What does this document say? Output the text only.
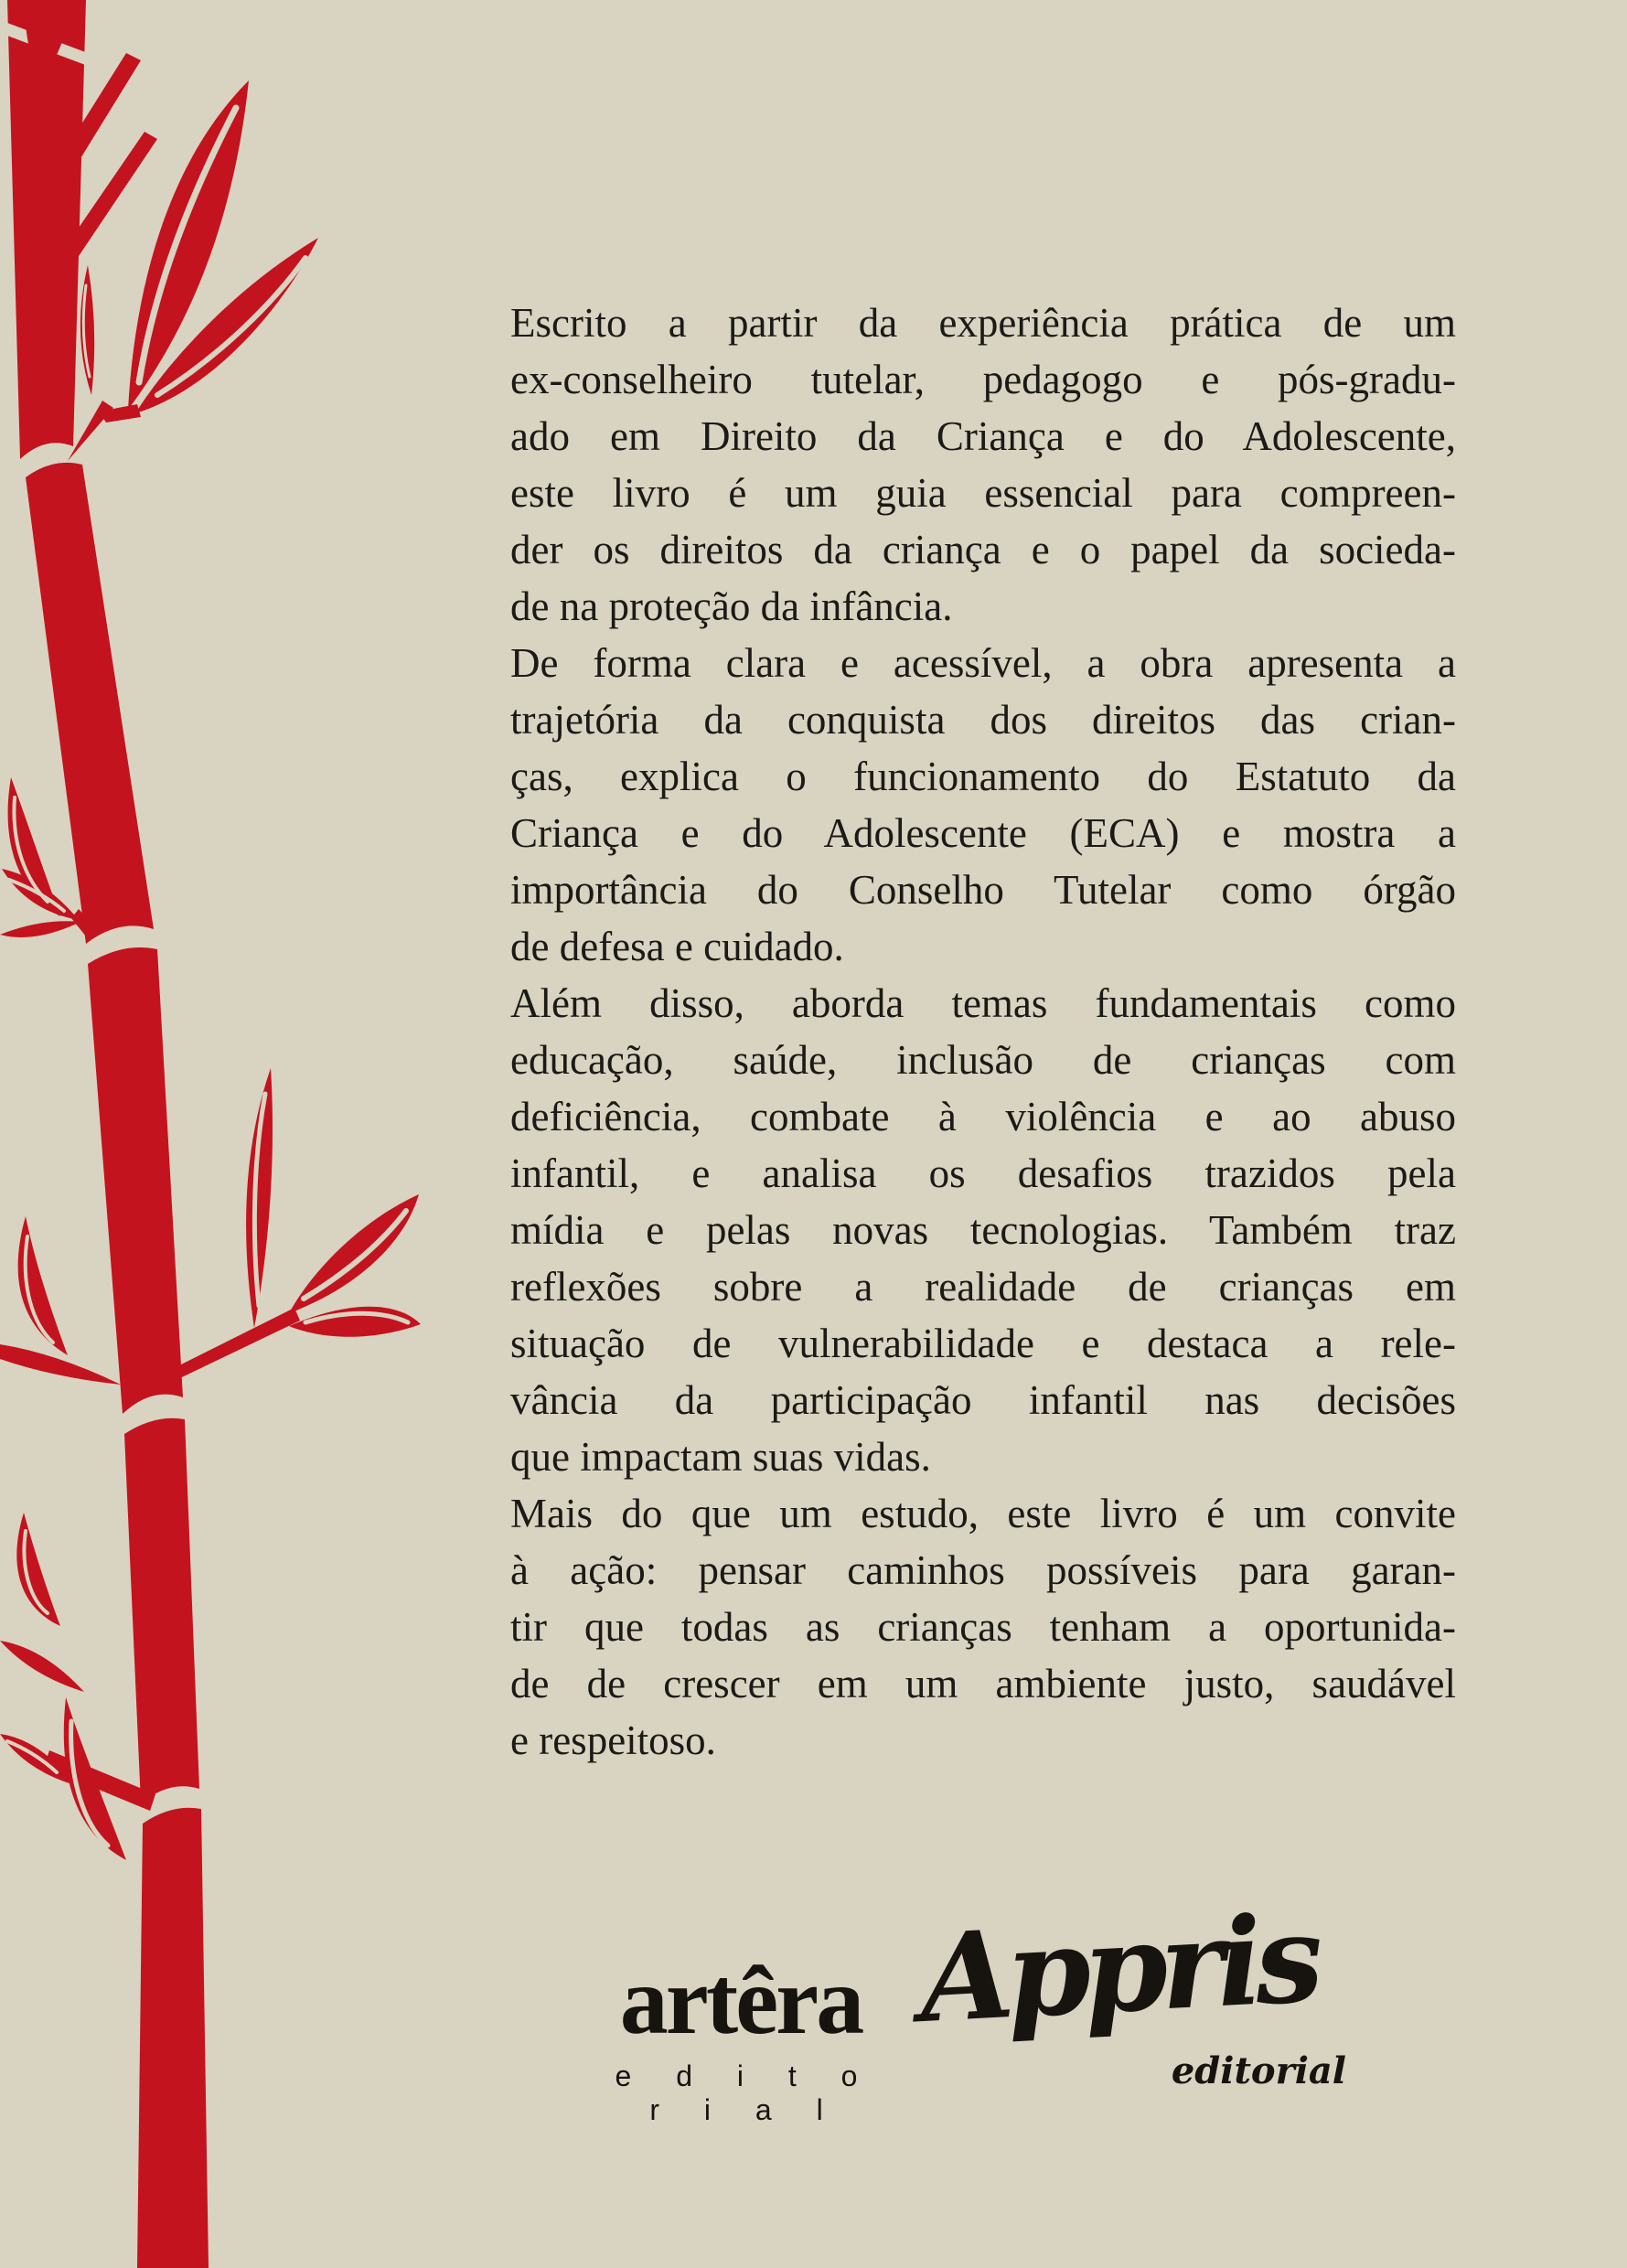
Escrito a partir da experiência prática de um
ex-conselheiro tutelar, pedagogo e pós-gradu-
ado em Direito da Criança e do Adolescente,
este livro é um guia essencial para compreen-
der os direitos da criança e o papel da socieda-
de na proteção da infância.
De forma clara e acessível, a obra apresenta a
trajetória da conquista dos direitos das crian-
ças, explica o funcionamento do Estatuto da
Criança e do Adolescente (ECA) e mostra a
importância do Conselho Tutelar como órgão
de defesa e cuidado.
Além disso, aborda temas fundamentais como
educação, saúde, inclusão de crianças com
deficiência, combate à violência e ao abuso
infantil, e analisa os desafios trazidos pela
mídia e pelas novas tecnologias. Também traz
reflexões sobre a realidade de crianças em
situação de vulnerabilidade e destaca a rele-
vância da participação infantil nas decisões
que impactam suas vidas.
Mais do que um estudo, este livro é um convite
à ação: pensar caminhos possíveis para garan-
tir que todas as crianças tenham a oportunida-
de de crescer em um ambiente justo, saudável
e respeitoso.
artêra
e d i t o r i a l
Appris
editorial
